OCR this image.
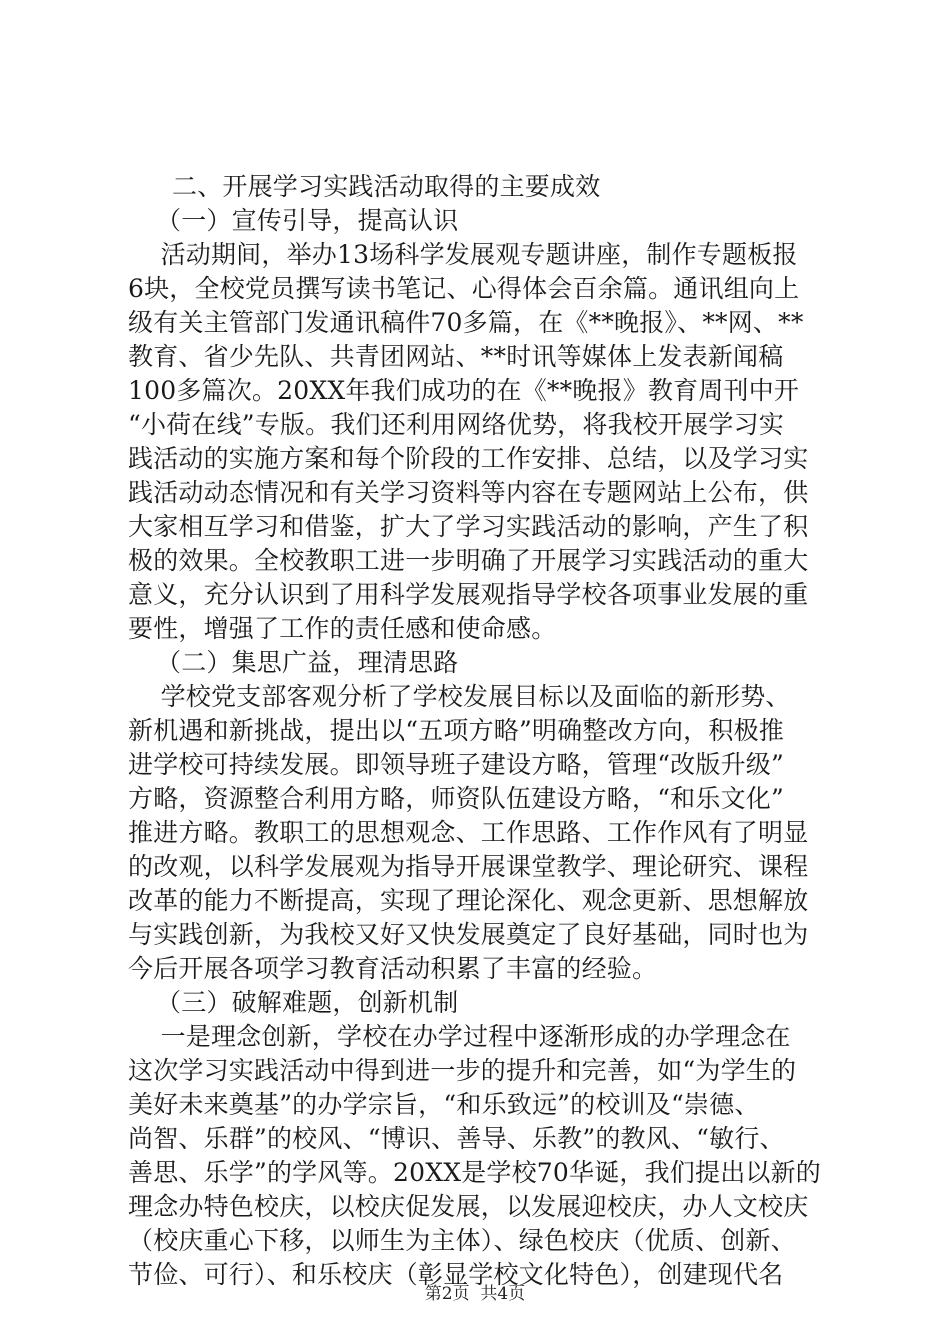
二、开展学习实践活动取得的主要成效
（一）宣传引导，提高认识
活动期间，举办13场科学发展观专题讲座，制作专题板报
6块，全校党员撰写读书笔记、心得体会百余篇。通讯组向上
级有关主管部门发通讯稿件70多篇，在《**晚报》、**网、**
教育、省少先队、共青团网站、**时讯等媒体上发表新闻稿
100多篇次。20XX年我们成功的在《**晚报》教育周刊中开
“小荷在线”专版。我们还利用网络优势，将我校开展学习实
践活动的实施方案和每个阶段的工作安排、总结，以及学习实
践活动动态情况和有关学习资料等内容在专题网站上公布，供
大家相互学习和借鉴，扩大了学习实践活动的影响，产生了积
极的效果。全校教职工进一步明确了开展学习实践活动的重大
意义，充分认识到了用科学发展观指导学校各项事业发展的重
要性，增强了工作的责任感和使命感。
（二）集思广益，理清思路
学校党支部客观分析了学校发展目标以及面临的新形势、
新机遇和新挑战，提出以“五项方略”明确整改方向，积极推
进学校可持续发展。即领导班子建设方略，管理“改版升级”
方略，资源整合利用方略，师资队伍建设方略，“和乐文化”
推进方略。教职工的思想观念、工作思路、工作作风有了明显
的改观，以科学发展观为指导开展课堂教学、理论研究、课程
改革的能力不断提高，实现了理论深化、观念更新、思想解放
与实践创新，为我校又好又快发展奠定了良好基础，同时也为
今后开展各项学习教育活动积累了丰富的经验。
（三）破解难题，创新机制
一是理念创新，学校在办学过程中逐渐形成的办学理念在
这次学习实践活动中得到进一步的提升和完善，如“为学生的
美好未来奠基”的办学宗旨，“和乐致远”的校训及“崇德、
尚智、乐群”的校风、“博识、善导、乐教”的教风、“敏行、
善思、乐学”的学风等。20XX是学校70华诞，我们提出以新的
理念办特色校庆，以校庆促发展，以发展迎校庆，办人文校庆
（校庆重心下移，以师生为主体）、绿色校庆（优质、创新、
节俭、可行）、和乐校庆（彰显学校文化特色），创建现代名
第2页  共4页
